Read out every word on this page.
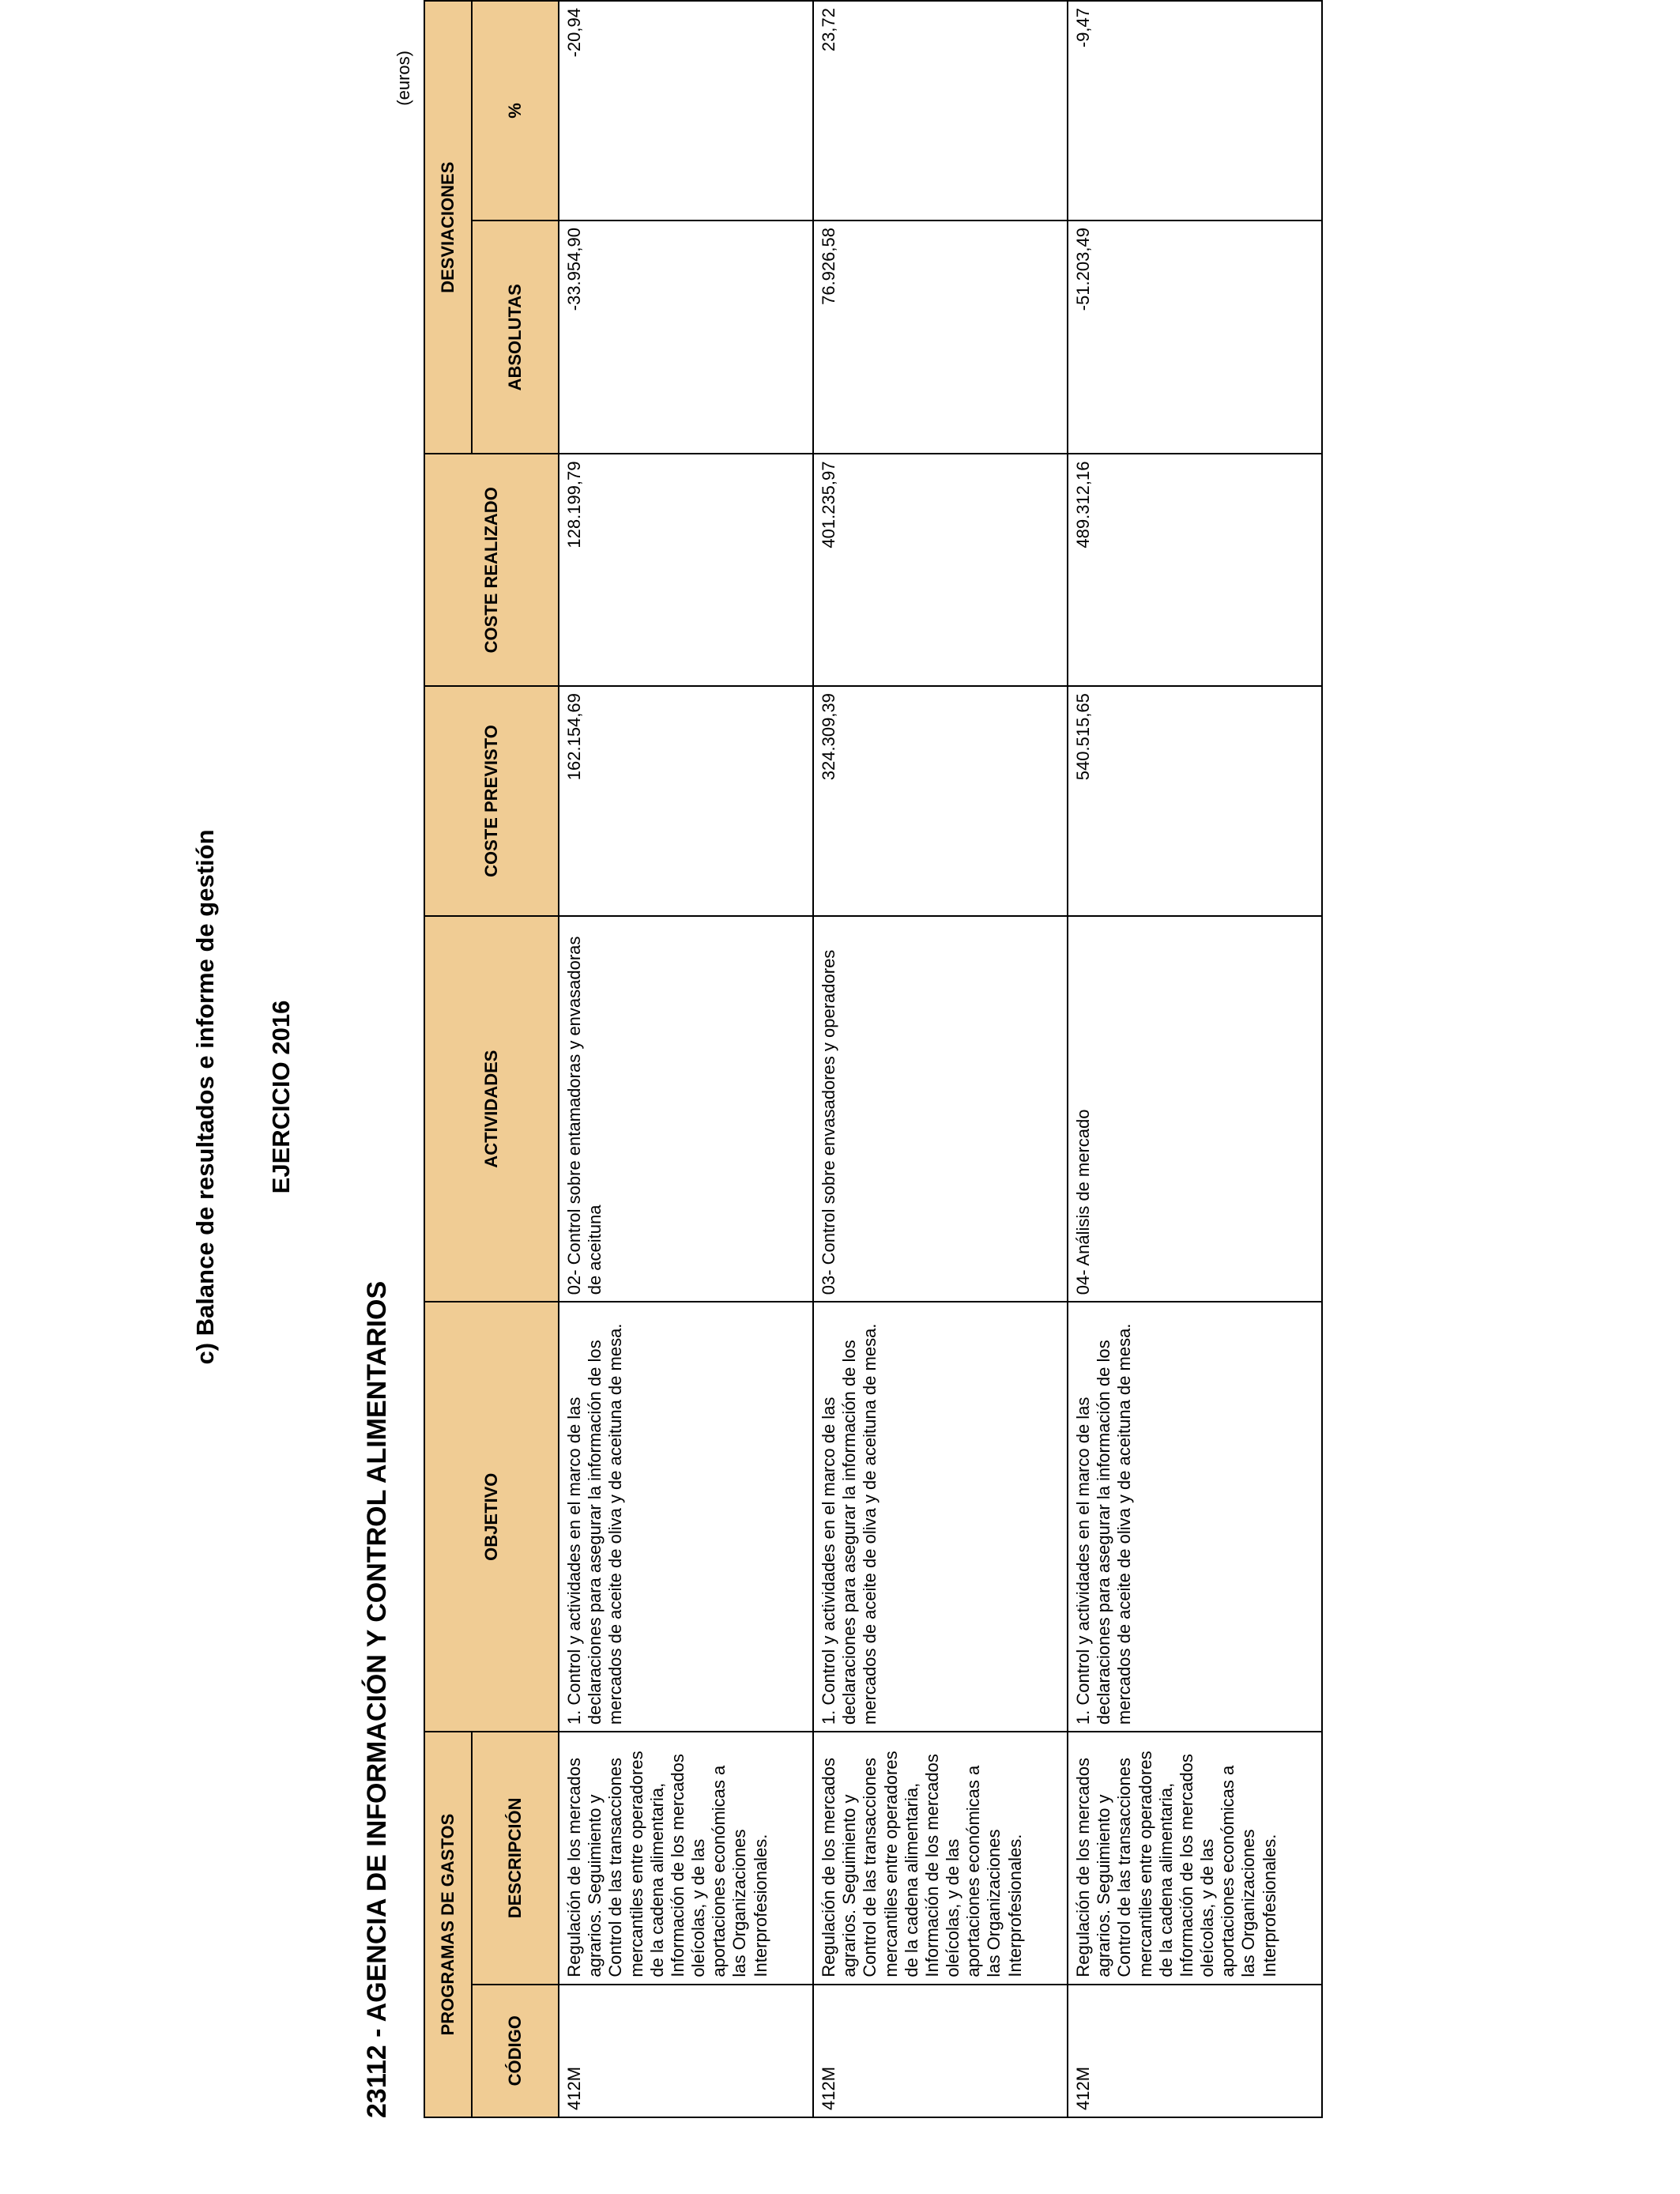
c) Balance de resultados e informe de gestión EJERCICIO 2016
23112 - AGENCIA DE INFORMACIÓN Y CONTROL ALIMENTARIOS
(euros)
PROGRAMAS DE GASTOS		OBJETIVO	ACTIVIDADES	COSTE PREVISTO	COSTE REALIZADO	DESVIACIONES	
CÓDIGO	DESCRIPCIÓN					ABSOLUTAS	%
412M	Regulación de los mercados agrarios. Seguimiento y Control de las transacciones mercantiles entre operadores de la cadena alimentaria, Información de los mercados oleícolas, y de las aportaciones económicas a las Organizaciones Interprofesionales.	1. Control y actividades en el marco de las declaraciones para asegurar la información de los mercados de aceite de oliva y de aceituna de mesa.	02- Control sobre entamadoras y envasadoras de aceituna	162.154,69	128.199,79	-33.954,90	-20,94
412M	Regulación de los mercados agrarios. Seguimiento y Control de las transacciones mercantiles entre operadores de la cadena alimentaria, Información de los mercados oleícolas, y de las aportaciones económicas a las Organizaciones Interprofesionales.	1. Control y actividades en el marco de las declaraciones para asegurar la información de los mercados de aceite de oliva y de aceituna de mesa.	03- Control sobre envasadores y operadores	324.309,39	401.235,97	76.926,58	23,72
412M	Regulación de los mercados agrarios. Seguimiento y Control de las transacciones mercantiles entre operadores de la cadena alimentaria, Información de los mercados oleícolas, y de las aportaciones económicas a las Organizaciones Interprofesionales.	1. Control y actividades en el marco de las declaraciones para asegurar la información de los mercados de aceite de oliva y de aceituna de mesa.	04- Análisis de mercado	540.515,65	489.312,16	-51.203,49	-9,47
